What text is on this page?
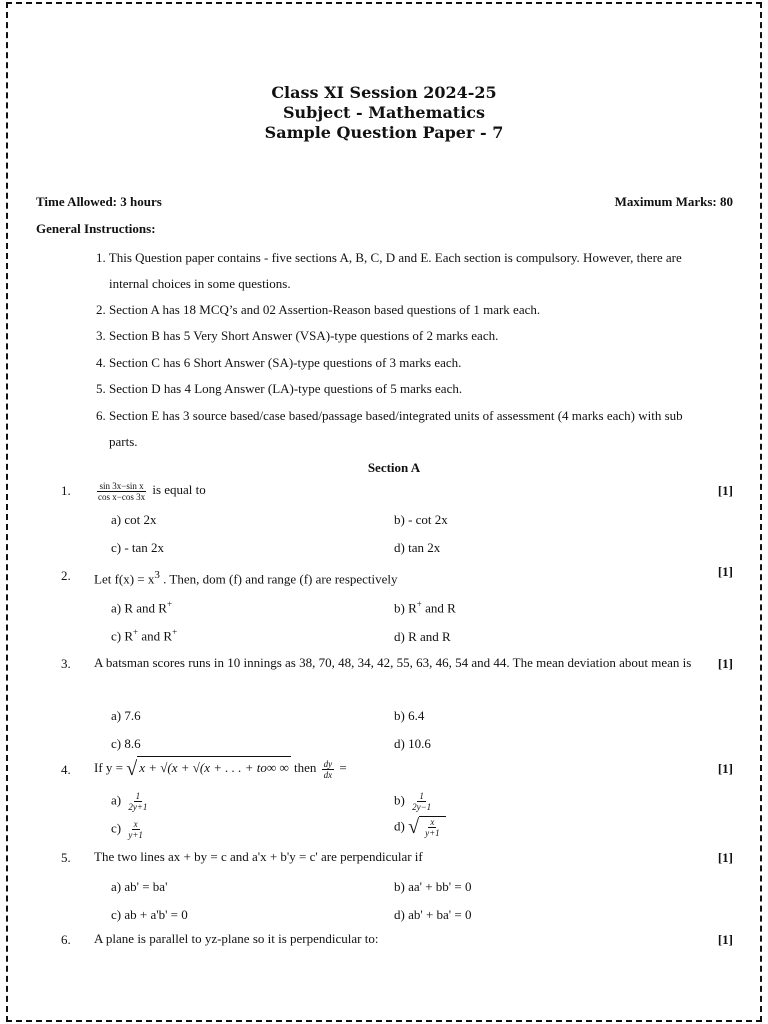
Class XI Session 2024-25
Subject - Mathematics
Sample Question Paper - 7
Time Allowed: 3 hours	Maximum Marks: 80
General Instructions:
1. This Question paper contains - five sections A, B, C, D and E. Each section is compulsory. However, there are
internal choices in some questions.
2. Section A has 18 MCQ’s and 02 Assertion-Reason based questions of 1 mark each.
3. Section B has 5 Very Short Answer (VSA)-type questions of 2 marks each.
4. Section C has 6 Short Answer (SA)-type questions of 3 marks each.
5. Section D has 4 Long Answer (LA)-type questions of 5 marks each.
6. Section E has 3 source based/case based/passage based/integrated units of assessment (4 marks each) with sub
parts.
Section A
1.	$\frac{\text{sin 3x−sin x}}{\text{cos x−cos 3x}}$ is equal to	[1]
a) cot 2x	b) - cot 2x
c) - tan 2x	d) tan 2x
2. Let $f(x) = x^3$ . Then, dom (f) and range (f) are respectively	[1]
a) R and R+	b) R+ and R
c) R+ and R+	d) R and R
3. A batsman scores runs in 10 innings as 38, 70, 48, 34, 42, 55, 63, 46, 54 and 44. The mean deviation about mean is	[1]
a) 7.6	b) 6.4
c) 8.6	d) 10.6
4. If y = √ x + √(x + √(x + . . . + to∞ ∞ then $\frac{dy}{dx}$ =	[1]
$a) \frac{1}{2y+1}$	$b) \frac{1}{2y-1}$
$c) \frac{x}{y+1}$	d) √ $\frac{x}{y+1}$
5. The two lines ax + by = c and a'x + b'y = c' are perpendicular if	[1]
a) ab' = ba'	b) aa' + bb' = 0
c) ab + a'b' = 0	d) ab' + ba' = 0
6. A plane is parallel to yz-plane so it is perpendicular to:	[1]
